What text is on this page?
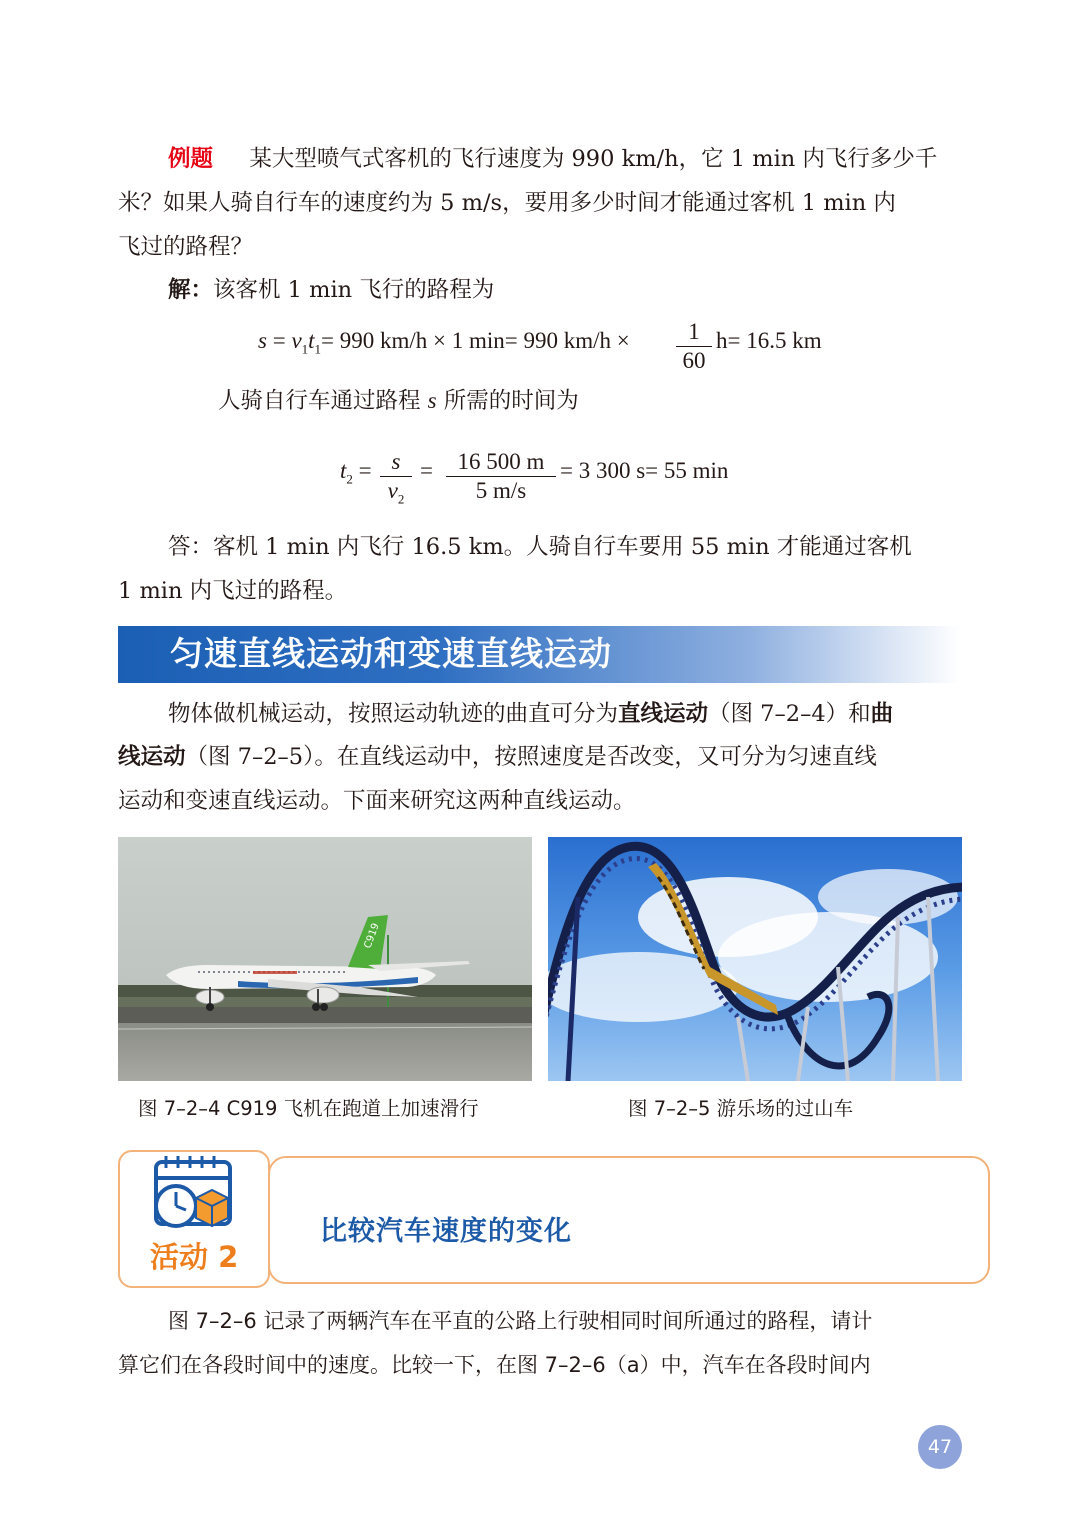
例题 某大型喷气式客机的飞行速度为 990 km/h，它 1 min 内飞行多少千
米？如果人骑自行车的速度约为 5 m/s，要用多少时间才能通过客机 1 min 内
飞过的路程？
解：该客机 1 min 飞行的路程为
$s = v_1t_1= 990$ km/h × 1 min= 990 km/h ×	1
60
h= 16.5 km
人骑自行车通过路程 s 所需的时间为
$t_2 = s$
$v_2$
=	16 500 m
5 m/s
= 3 300 s= 55 min
答：客机 1 min 内飞行 16.5 km。人骑自行车要用 55 min 才能通过客机
1 min 内飞过的路程。
匀速直线运动和变速直线运动
物体做机械运动，按照运动轨迹的曲直可分为直线运动（图 7–2–4）和曲
线运动（图 7–2–5）。在直线运动中，按照速度是否改变，又可分为匀速直线
运动和变速直线运动。下面来研究这两种直线运动。
C919
图 7–2–4 C919 飞机在跑道上加速滑行	图 7–2–5 游乐场的过山车
活动 2
比较汽车速度的变化
图 7–2–6 记录了两辆汽车在平直的公路上行驶相同时间所通过的路程，请计
算它们在各段时间中的速度。比较一下，在图 7–2–6（a）中，汽车在各段时间内
47
